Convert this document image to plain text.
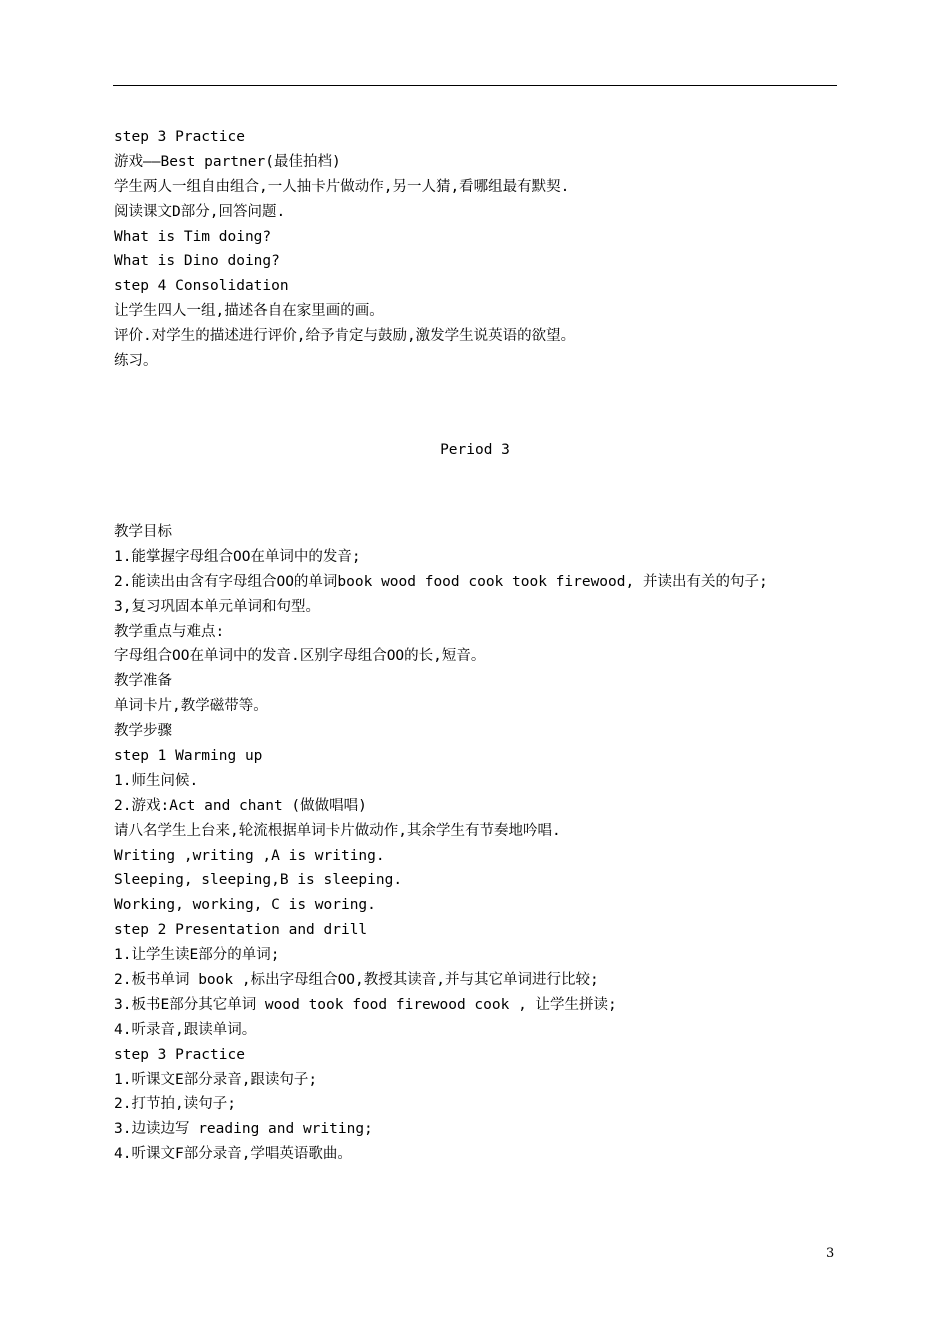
step 3 Practice
游戏——Best partner(最佳拍档)
学生两人一组自由组合,一人抽卡片做动作,另一人猜,看哪组最有默契.
阅读课文D部分,回答问题.
What is Tim doing?
What is Dino doing?
step 4 Consolidation
让学生四人一组,描述各自在家里画的画。
评价.对学生的描述进行评价,给予肯定与鼓励,激发学生说英语的欲望。
练习。
Period 3
教学目标
1.能掌握字母组合OO在单词中的发音;
2.能读出由含有字母组合OO的单词book wood food cook took firewood, 并读出有关的句子;
3,复习巩固本单元单词和句型。
教学重点与难点:
字母组合OO在单词中的发音.区别字母组合OO的长,短音。
教学准备
单词卡片,教学磁带等。
教学步骤
step 1 Warming up
1.师生问候.
2.游戏:Act and chant (做做唱唱)
请八名学生上台来,轮流根据单词卡片做动作,其余学生有节奏地吟唱.
Writing ,writing ,A is writing.
Sleeping, sleeping,B is sleeping.
Working, working, C is woring.
step 2 Presentation and drill
1.让学生读E部分的单词;
2.板书单词 book ,标出字母组合OO,教授其读音,并与其它单词进行比较;
3.板书E部分其它单词 wood took food firewood cook , 让学生拼读;
4.听录音,跟读单词。
step 3 Practice
1.听课文E部分录音,跟读句子;
2.打节拍,读句子;
3.边读边写 reading and writing;
4.听课文F部分录音,学唱英语歌曲。
3
